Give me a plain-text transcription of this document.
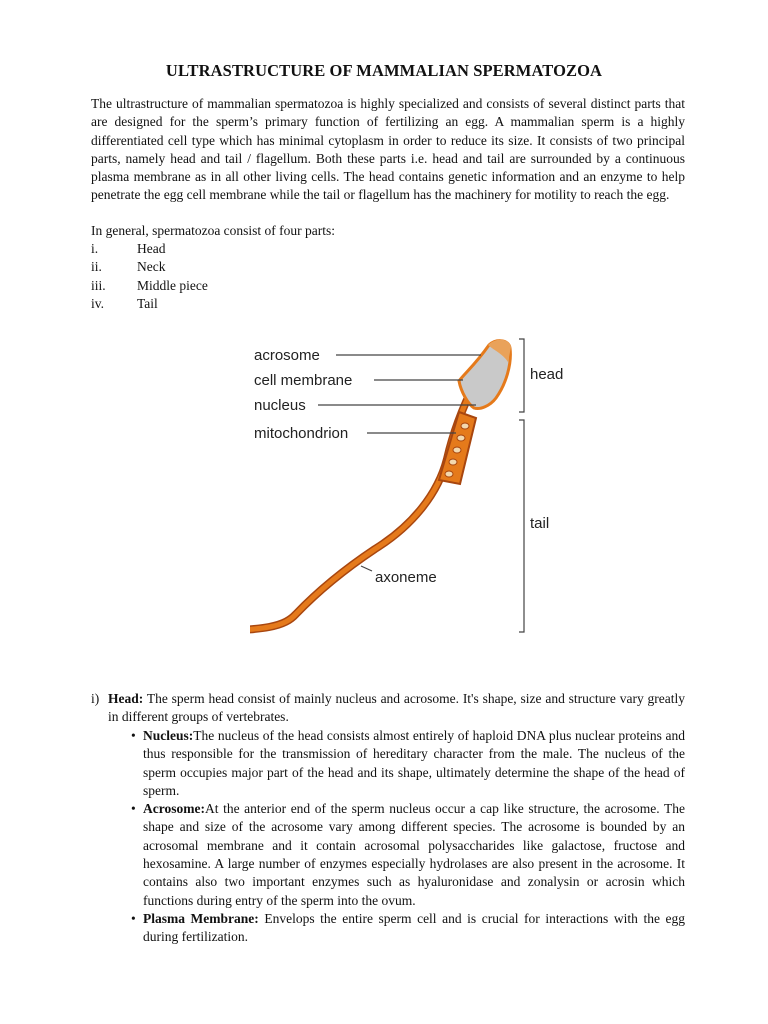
ULTRASTRUCTURE OF MAMMALIAN SPERMATOZOA

The ultrastructure of mammalian spermatozoa is highly specialized and consists of several distinct parts that are designed for the sperm’s primary function of fertilizing an egg. A mammalian sperm is a highly differentiated cell type which has minimal cytoplasm in order to reduce its size. It consists of two principal parts, namely head and tail / flagellum. Both these parts i.e. head and tail are surrounded by a continuous plasma membrane as in all other living cells. The head contains genetic information and an enzyme to help penetrate the egg cell membrane while the tail or flagellum has the machinery for motility to reach the egg.

In general, spermatozoa consist of four parts:
i.	Head
ii.	Neck
iii.	Middle piece
iv.	Tail
acrosome
cell membrane
nucleus
mitochondrion
axoneme
head
tail
i) Head: The sperm head consist of mainly nucleus and acrosome. It's shape, size and structure vary greatly in different groups of vertebrates.
• Nucleus:The nucleus of the head consists almost entirely of haploid DNA plus nuclear proteins and thus responsible for the transmission of hereditary character from the male. The nucleus of the sperm occupies major part of the head and its shape, ultimately determine the shape of the head of sperm.
• Acrosome:At the anterior end of the sperm nucleus occur a cap like structure, the acrosome. The shape and size of the acrosome vary among different species. The acrosome is bounded by an acrosomal membrane and it contain acrosomal polysaccharides like galactose, fructose and hexosamine. A large number of enzymes especially hydrolases are also present in the acrosome. It contains also two important enzymes such as hyaluronidase and zonalysin or acrosin which functions during entry of the sperm into the ovum.
• Plasma Membrane: Envelops the entire sperm cell and is crucial for interactions with the egg during fertilization.
